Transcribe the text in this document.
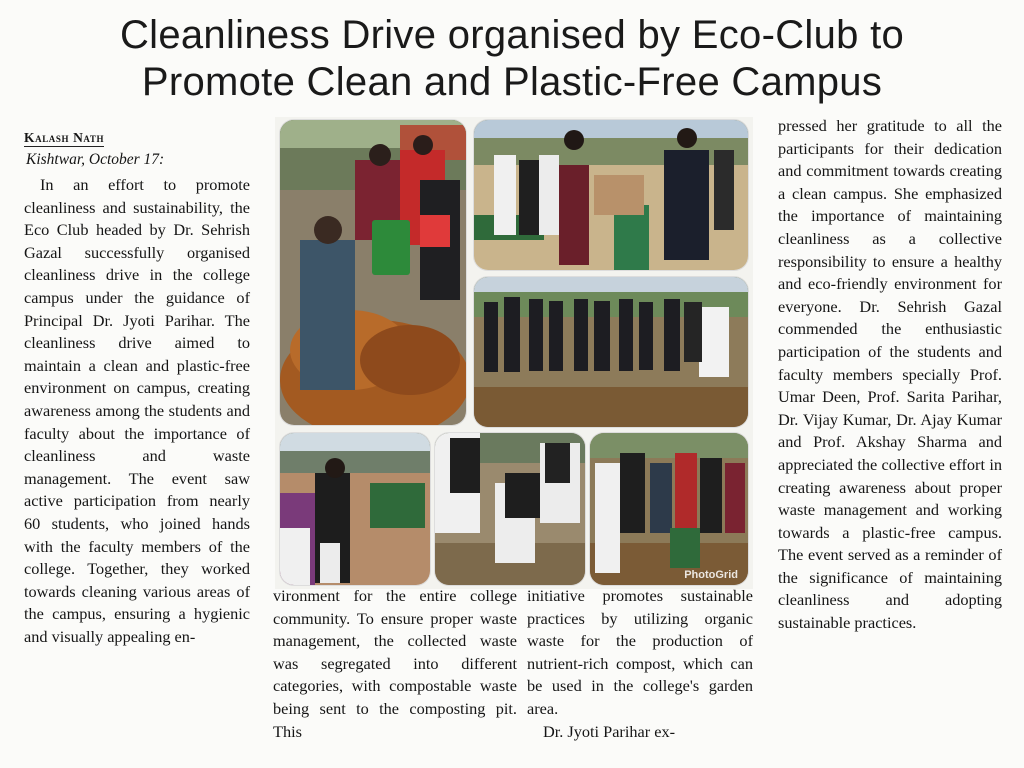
Cleanliness Drive organised by Eco-Club to
Promote Clean and Plastic-Free Campus
Kalash Nath
Kishtwar, October 17:

In an effort to promote cleanliness and sustainability, the Eco Club headed by Dr. Sehrish Gazal successfully organised cleanliness drive in the college campus under the guidance of Principal Dr. Jyoti Parihar. The cleanliness drive aimed to maintain a clean and plastic-free environment on campus, creating awareness among the students and faculty about the importance of cleanliness and waste management. The event saw active participation from nearly 60 students, who joined hands with the faculty members of the college. Together, they worked towards cleaning various areas of the campus, ensuring a hygienic and visually appealing en-

PhotoGrid

vironment for the entire college community. To ensure proper waste management, the collected waste was segregated into different categories, with compostable waste being sent to the composting pit. This

initiative promotes sustainable practices by utilizing organic waste for the production of nutrient-rich compost, which can be used in the college's garden area.

Dr. Jyoti Parihar ex-

pressed her gratitude to all the participants for their dedication and commitment towards creating a clean campus. She emphasized the importance of maintaining cleanliness as a collective responsibility to ensure a healthy and eco-friendly environment for everyone. Dr. Sehrish Gazal commended the enthusiastic participation of the students and faculty members specially Prof. Umar Deen, Prof. Sarita Parihar, Dr. Vijay Kumar, Dr. Ajay Kumar and Prof. Akshay Sharma and appreciated the collective effort in creating awareness about proper waste management and working towards a plastic-free campus. The event served as a reminder of the significance of maintaining cleanliness and adopting sustainable practices.
